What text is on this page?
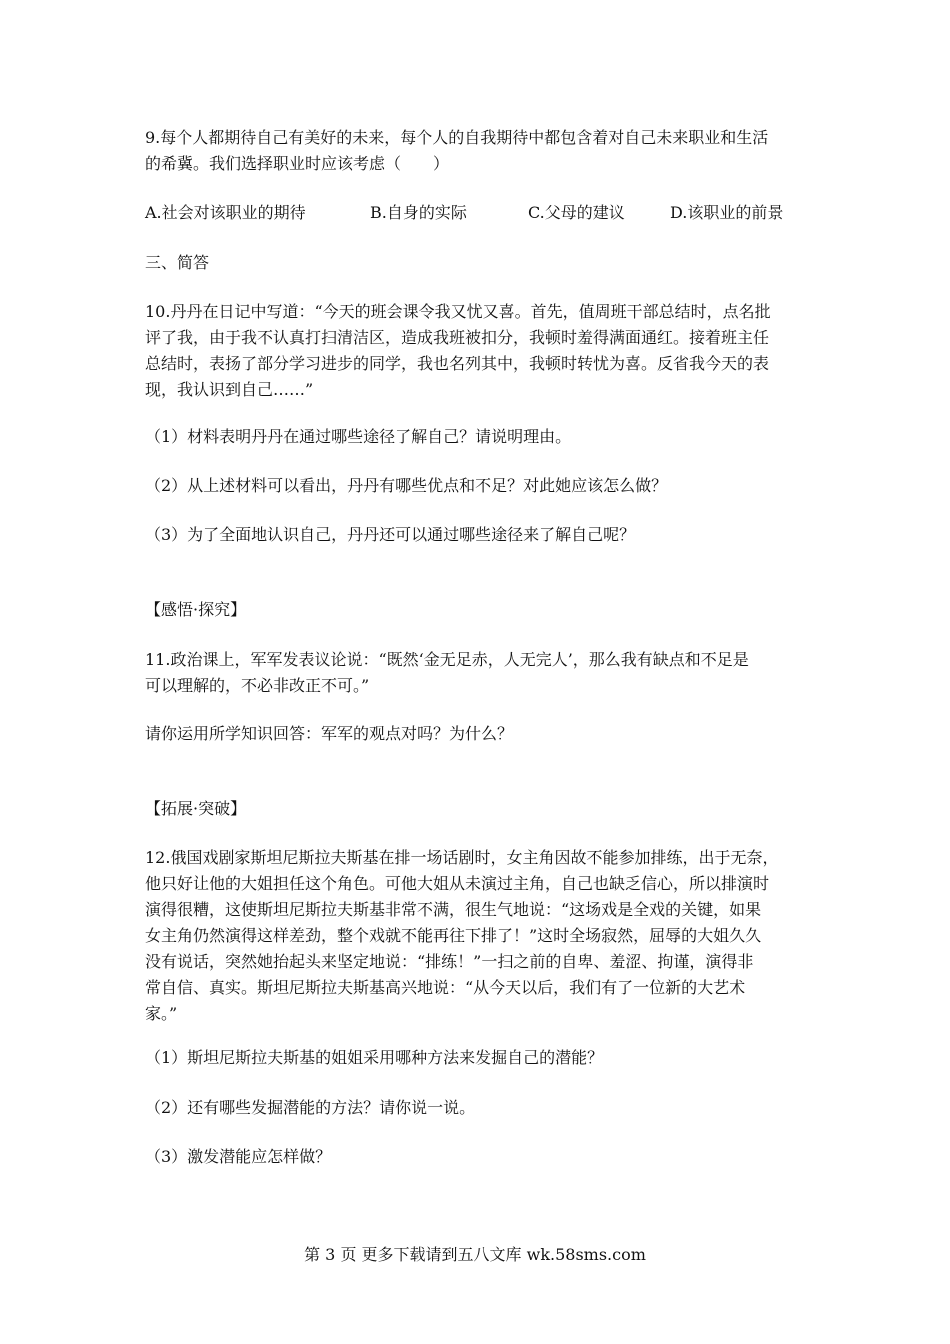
9.每个人都期待自己有美好的未来，每个人的自我期待中都包含着对自己未来职业和生活
的希冀。我们选择职业时应该考虑（　　）
A.社会对该职业的期待	B.自身的实际	C.父母的建议	D.该职业的前景
三、简答
10.丹丹在日记中写道：“今天的班会课令我又忧又喜。首先，值周班干部总结时，点名批
评了我，由于我不认真打扫清洁区，造成我班被扣分，我顿时羞得满面通红。接着班主任
总结时，表扬了部分学习进步的同学，我也名列其中，我顿时转忧为喜。反省我今天的表
现，我认识到自己……”
（1）材料表明丹丹在通过哪些途径了解自己？请说明理由。
（2）从上述材料可以看出，丹丹有哪些优点和不足？对此她应该怎么做？
（3）为了全面地认识自己，丹丹还可以通过哪些途径来了解自己呢？
【感悟·探究】
11.政治课上，军军发表议论说：“既然‘金无足赤，人无完人’，那么我有缺点和不足是
可以理解的，不必非改正不可。”
请你运用所学知识回答：军军的观点对吗？为什么？
【拓展·突破】
12.俄国戏剧家斯坦尼斯拉夫斯基在排一场话剧时，女主角因故不能参加排练，出于无奈，
他只好让他的大姐担任这个角色。可他大姐从未演过主角，自己也缺乏信心，所以排演时
演得很糟，这使斯坦尼斯拉夫斯基非常不满，很生气地说：“这场戏是全戏的关键，如果
女主角仍然演得这样差劲，整个戏就不能再往下排了！”这时全场寂然，屈辱的大姐久久
没有说话，突然她抬起头来坚定地说：“排练！”一扫之前的自卑、羞涩、拘谨，演得非
常自信、真实。斯坦尼斯拉夫斯基高兴地说：“从今天以后，我们有了一位新的大艺术
家。”
（1）斯坦尼斯拉夫斯基的姐姐采用哪种方法来发掘自己的潜能？
（2）还有哪些发掘潜能的方法？请你说一说。
（3）激发潜能应怎样做？
第 3 页 更多下载请到五八文库 wk.58sms.com
